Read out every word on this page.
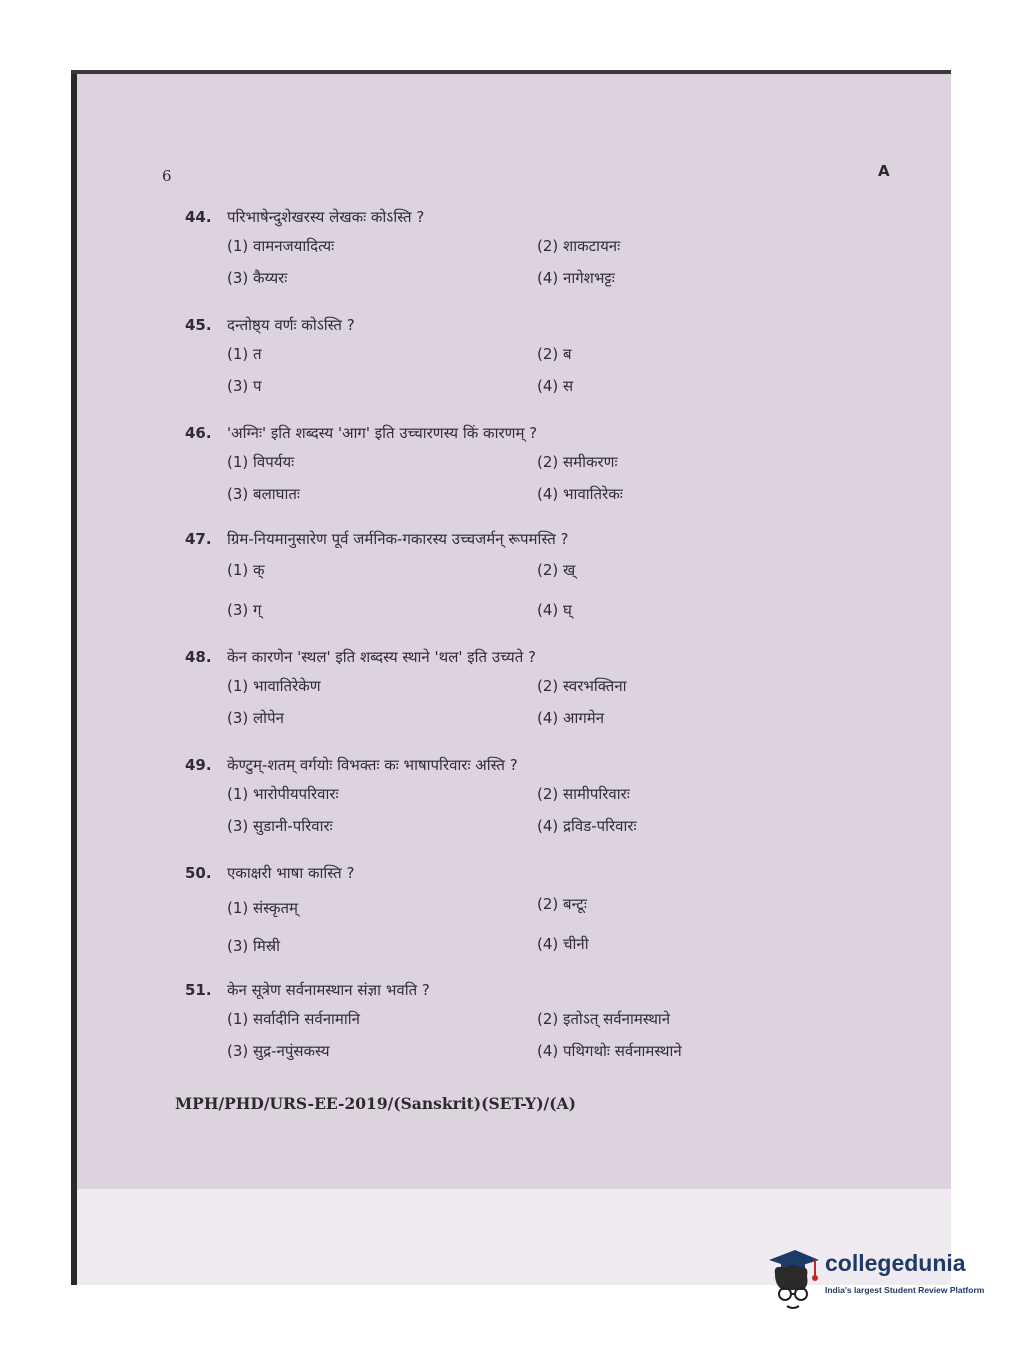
6	A
44.	परिभाषेन्दुशेखरस्य लेखकः कोऽस्ति ?
(1) वामनजयादित्यः	(2) शाकटायनः
(3) कैय्यरः	(4) नागेशभट्टः
45.	दन्तोष्ठ्य वर्णः कोऽस्ति ?
(1) त	(2) ब
(3) प	(4) स
46.	'अग्निः' इति शब्दस्य 'आग' इति उच्चारणस्य किं कारणम् ?
(1) विपर्ययः	(2) समीकरणः
(3) बलाघातः	(4) भावातिरेकः
47.	ग्रिम-नियमानुसारेण पूर्व जर्मनिक-गकारस्य उच्चजर्मन् रूपमस्ति ?
(1) क्	(2) ख्
(3) ग्	(4) घ्
48.	केन कारणेन 'स्थल' इति शब्दस्य स्थाने 'थल' इति उच्यते ?
(1) भावातिरेकेण	(2) स्वरभक्तिना
(3) लोपेन	(4) आगमेन
49.	केण्टुम्-शतम् वर्गयोः विभक्तः कः भाषापरिवारः अस्ति ?
(1) भारोपीयपरिवारः	(2) सामीपरिवारः
(3) सुडानी-परिवारः	(4) द्रविड-परिवारः
50.	एकाक्षरी भाषा कास्ति ?
(1) संस्कृतम्	(2) बन्टूः
(3) मिस्री	(4) चीनी
51.	केन सूत्रेण सर्वनामस्थान संज्ञा भवति ?
(1) सर्वादीनि सर्वनामानि	(2) इतोऽत् सर्वनामस्थाने
(3) सुद्र-नपुंसकस्य	(4) पथिगथोः सर्वनामस्थाने
MPH/PHD/URS-EE-2019/(Sanskrit)(SET-Y)/(A)
collegedunia
India's largest Student Review Platform
